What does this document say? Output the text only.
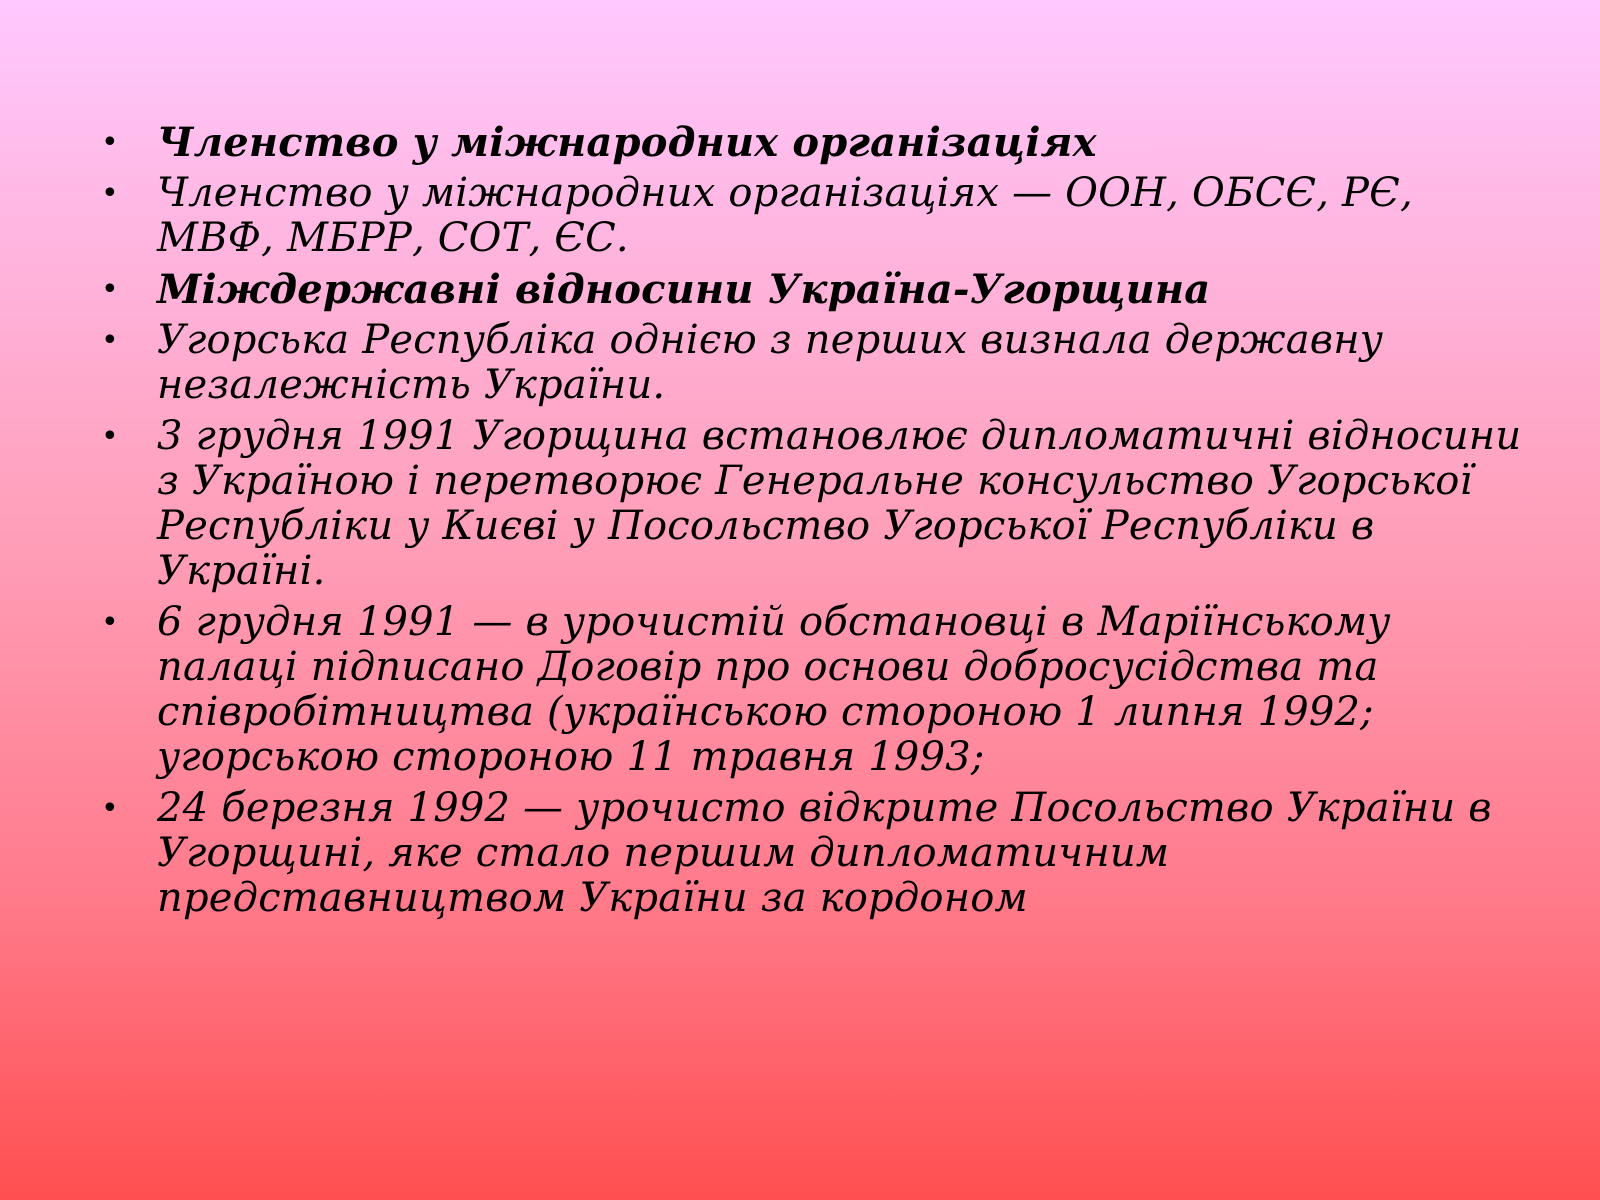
• Членство у міжнародних організаціях
• Членство у міжнародних організаціях — ООН, ОБСЄ, РЄ, МВФ, МБРР, СОТ, ЄС.
• Міждержавні відносини Україна-Угорщина
• Угорська Республіка однією з перших визнала державну незалежність України.
• 3 грудня 1991 Угорщина встановлює дипломатичні відносини з Україною і перетворює Генеральне консульство Угорської Республіки у Києві у Посольство Угорської Республіки в Україні.
• 6 грудня 1991 — в урочистій обстановці в Маріїнському палаці підписано Договір про основи добросусідства та співробітництва (українською стороною 1 липня 1992; угорською стороною 11 травня 1993;
• 24 березня 1992 — урочисто відкрите Посольство України в Угорщині, яке стало першим дипломатичним представництвом України за кордоном
